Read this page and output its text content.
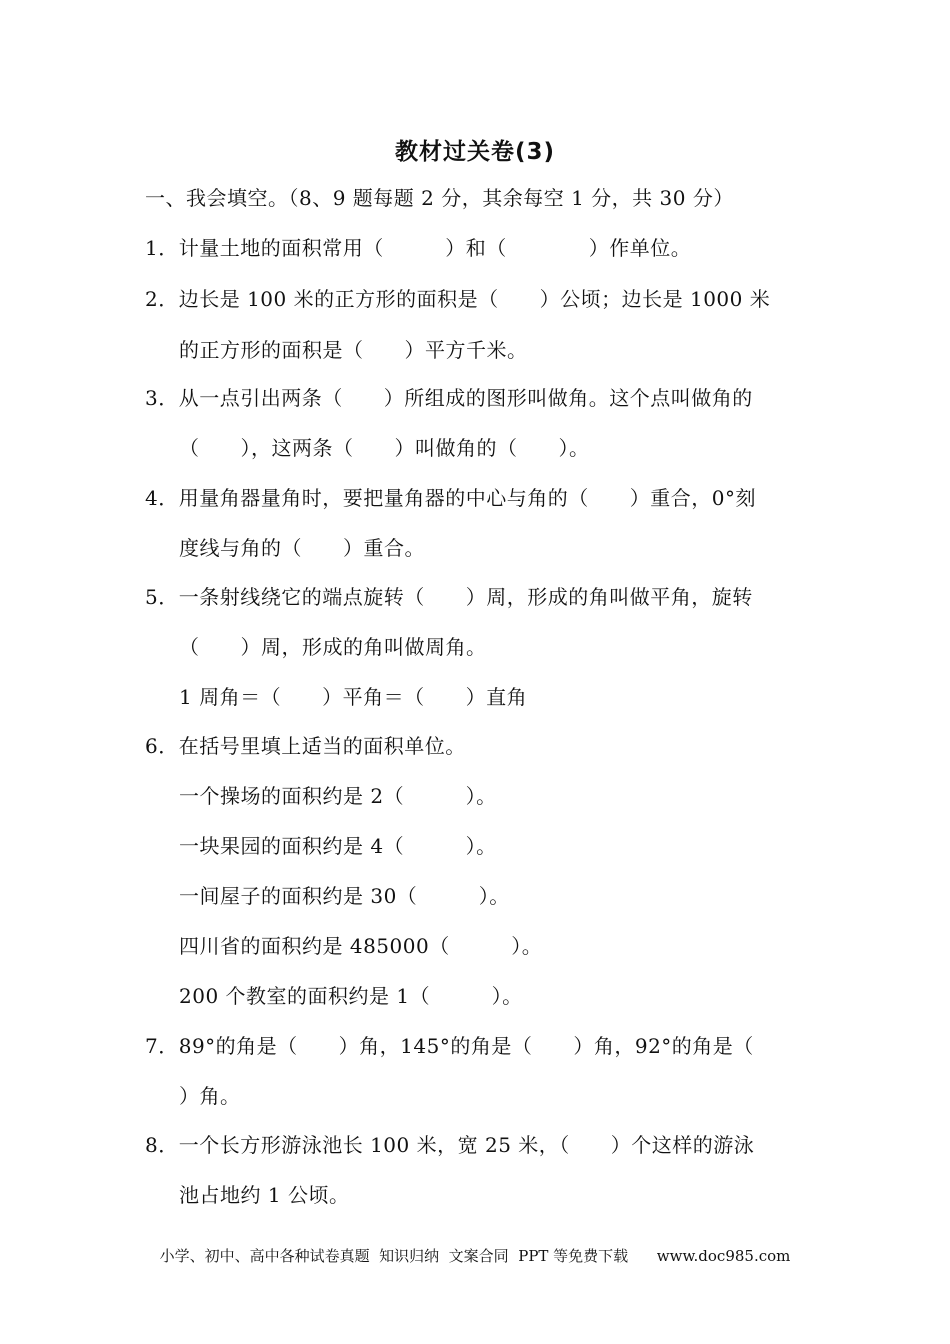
教材过关卷(3)
一、我会填空。（8、9 题每题 2 分，其余每空 1 分，共 30 分）
1．计量土地的面积常用（　　　）和（　　　　）作单位。
2．边长是 100 米的正方形的面积是（　　）公顷；边长是 1000 米
的正方形的面积是（　　）平方千米。
3．从一点引出两条（　　）所组成的图形叫做角。这个点叫做角的
（　　），这两条（　　）叫做角的（　　）。
4．用量角器量角时，要把量角器的中心与角的（　　）重合，0°刻
度线与角的（　　）重合。
5．一条射线绕它的端点旋转（　　）周，形成的角叫做平角，旋转
（　　）周，形成的角叫做周角。
1 周角＝（　　）平角＝（　　）直角
6．在括号里填上适当的面积单位。
一个操场的面积约是 2（　　　）。
一块果园的面积约是 4（　　　）。
一间屋子的面积约是 30（　　　）。
四川省的面积约是 485000（　　　）。
200 个教室的面积约是 1（　　　）。
7．89°的角是（　　）角，145°的角是（　　）角，92°的角是（
）角。
8．一个长方形游泳池长 100 米，宽 25 米，（　　）个这样的游泳
池占地约 1 公顷。
小学、初中、高中各种试卷真题  知识归纳  文案合同  PPT 等免费下载      www.doc985.com
